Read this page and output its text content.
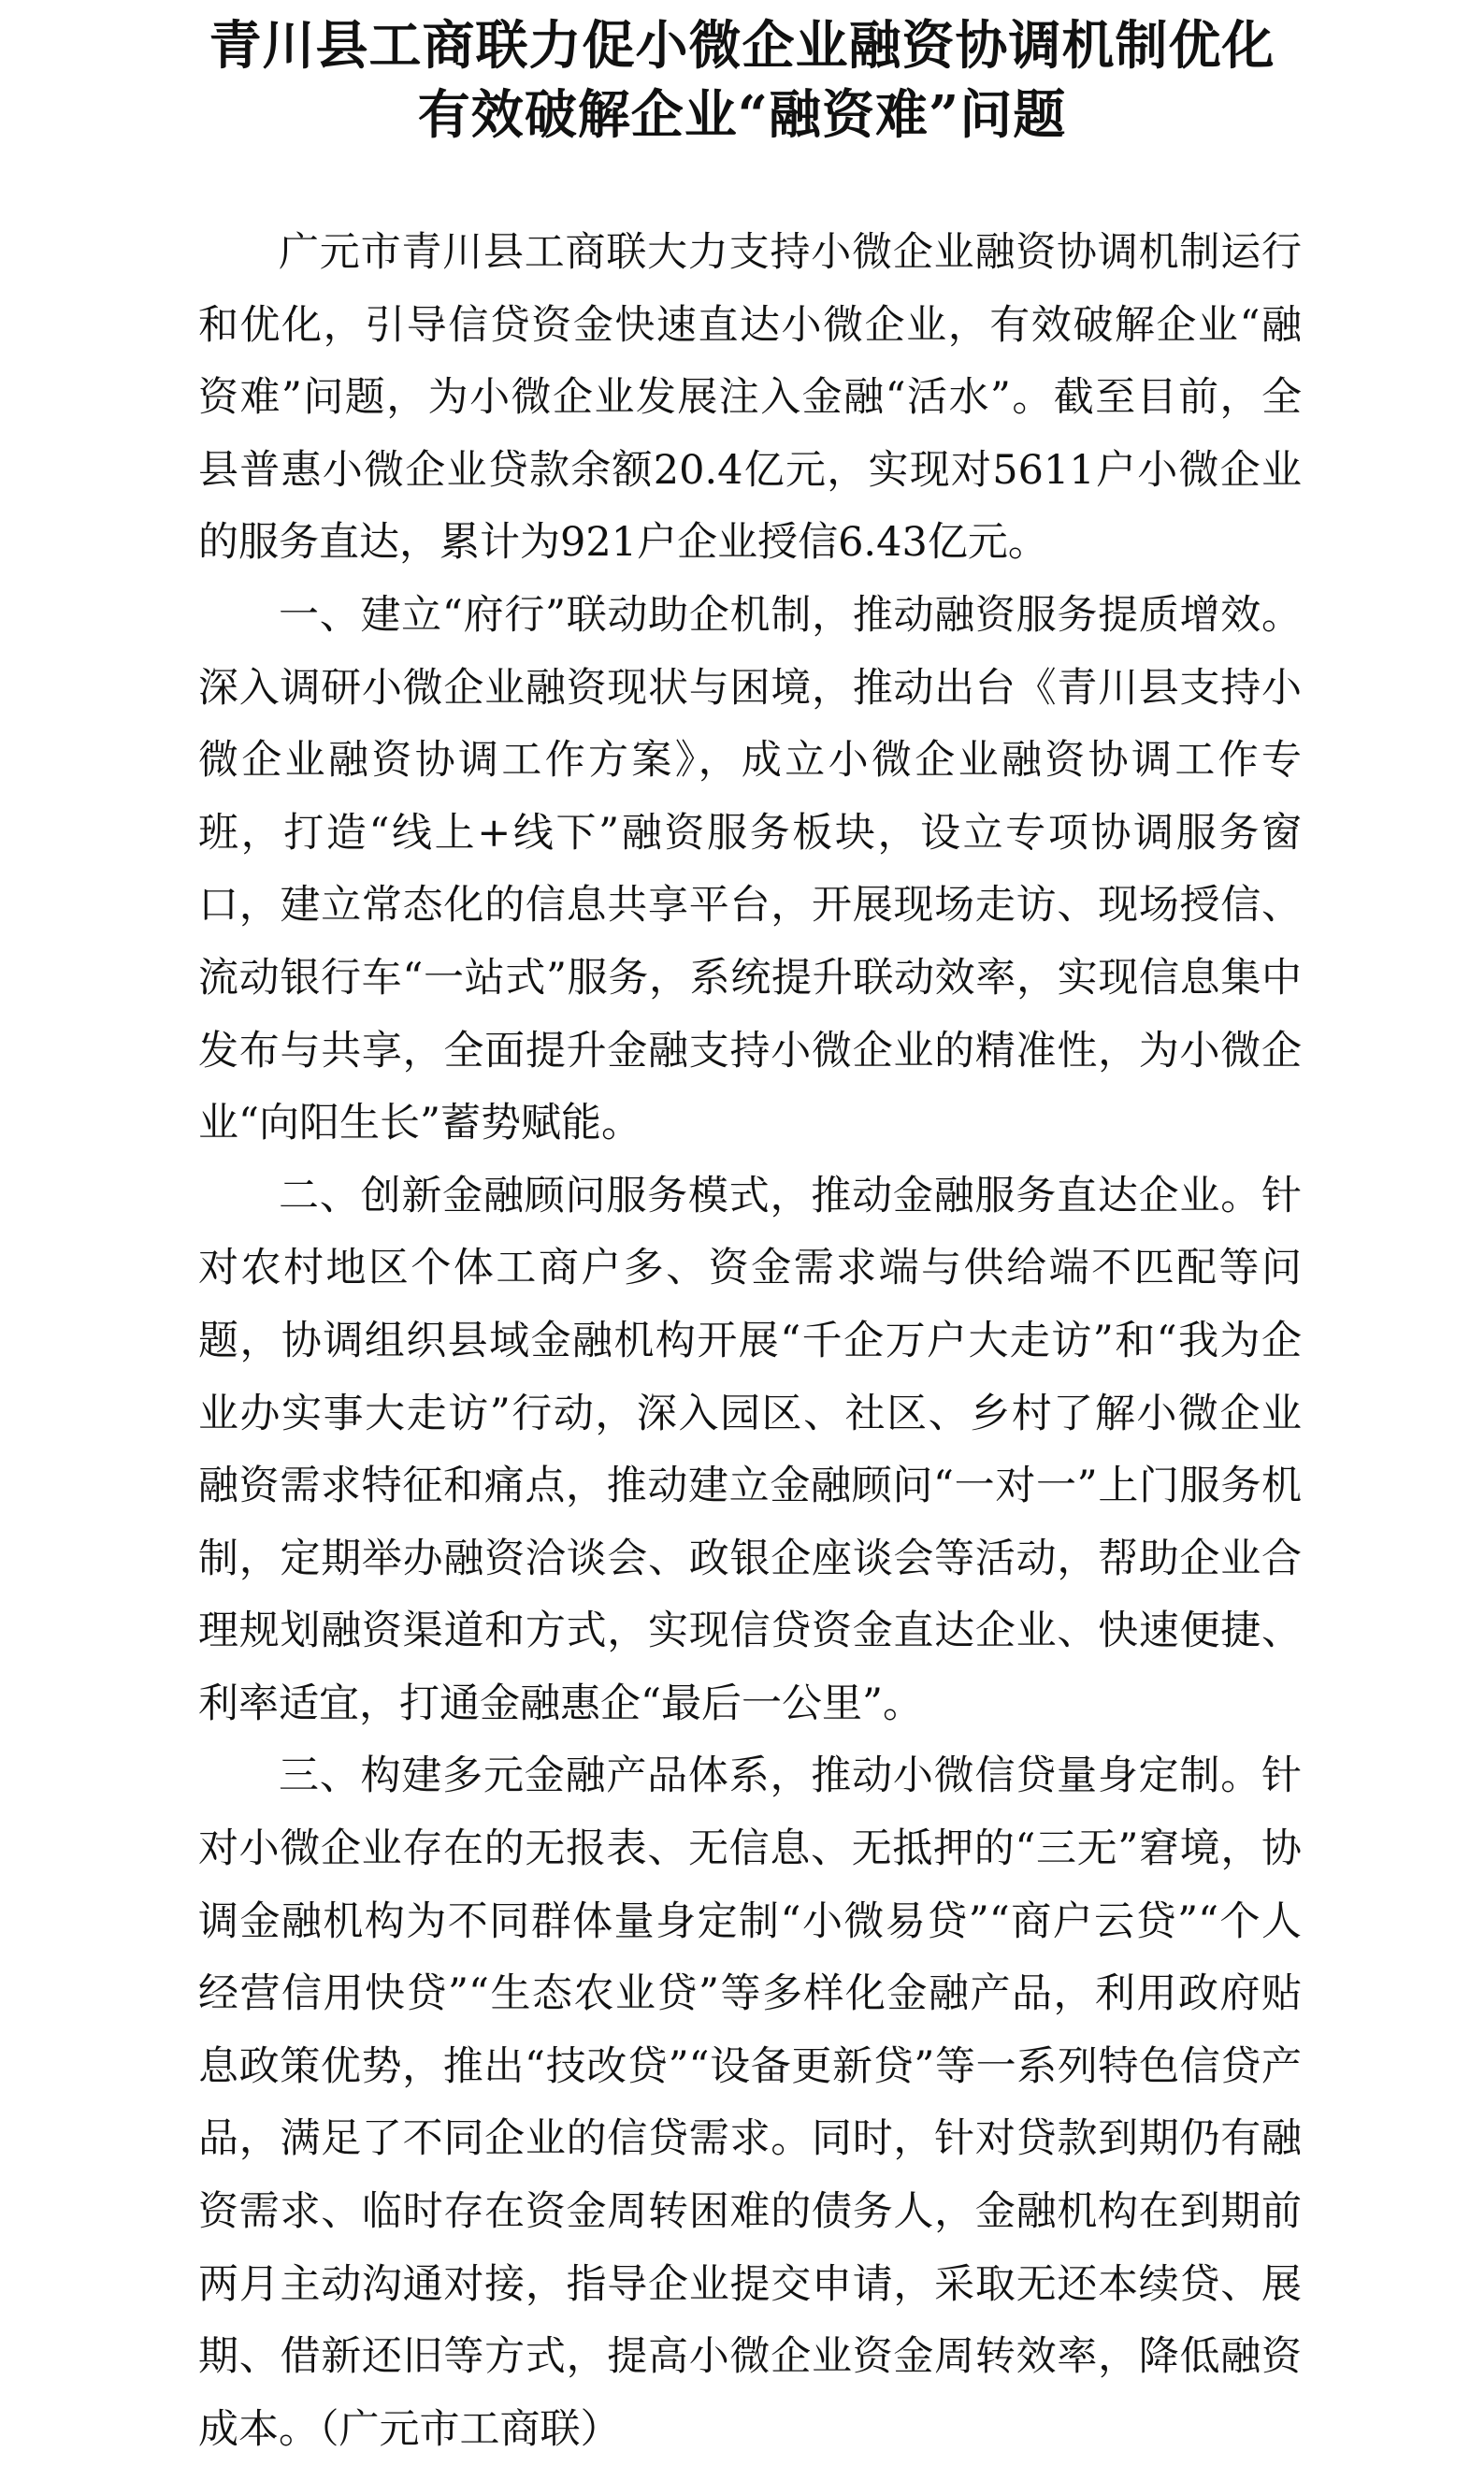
青川县工商联力促小微企业融资协调机制优化
有效破解企业“融资难”问题

广元市青川县工商联大力支持小微企业融资协调机制运行和优化，引导信贷资金快速直达小微企业，有效破解企业“融资难”问题，为小微企业发展注入金融“活水”。截至目前，全县普惠小微企业贷款余额20.4亿元，实现对5611户小微企业的服务直达，累计为921户企业授信6.43亿元。

一、建立“府行”联动助企机制，推动融资服务提质增效。深入调研小微企业融资现状与困境，推动出台《青川县支持小微企业融资协调工作方案》，成立小微企业融资协调工作专班，打造“线上+线下”融资服务板块，设立专项协调服务窗口，建立常态化的信息共享平台，开展现场走访、现场授信、流动银行车“一站式”服务，系统提升联动效率，实现信息集中发布与共享，全面提升金融支持小微企业的精准性，为小微企业“向阳生长”蓄势赋能。

二、创新金融顾问服务模式，推动金融服务直达企业。针对农村地区个体工商户多、资金需求端与供给端不匹配等问题，协调组织县域金融机构开展“千企万户大走访”和“我为企业办实事大走访”行动，深入园区、社区、乡村了解小微企业融资需求特征和痛点，推动建立金融顾问“一对一”上门服务机制，定期举办融资洽谈会、政银企座谈会等活动，帮助企业合理规划融资渠道和方式，实现信贷资金直达企业、快速便捷、利率适宜，打通金融惠企“最后一公里”。

三、构建多元金融产品体系，推动小微信贷量身定制。针对小微企业存在的无报表、无信息、无抵押的“三无”窘境，协调金融机构为不同群体量身定制“小微易贷”“商户云贷”“个人经营信用快贷”“生态农业贷”等多样化金融产品，利用政府贴息政策优势，推出“技改贷”“设备更新贷”等一系列特色信贷产品，满足了不同企业的信贷需求。同时，针对贷款到期仍有融资需求、临时存在资金周转困难的债务人，金融机构在到期前两月主动沟通对接，指导企业提交申请，采取无还本续贷、展期、借新还旧等方式，提高小微企业资金周转效率，降低融资成本。（广元市工商联）
